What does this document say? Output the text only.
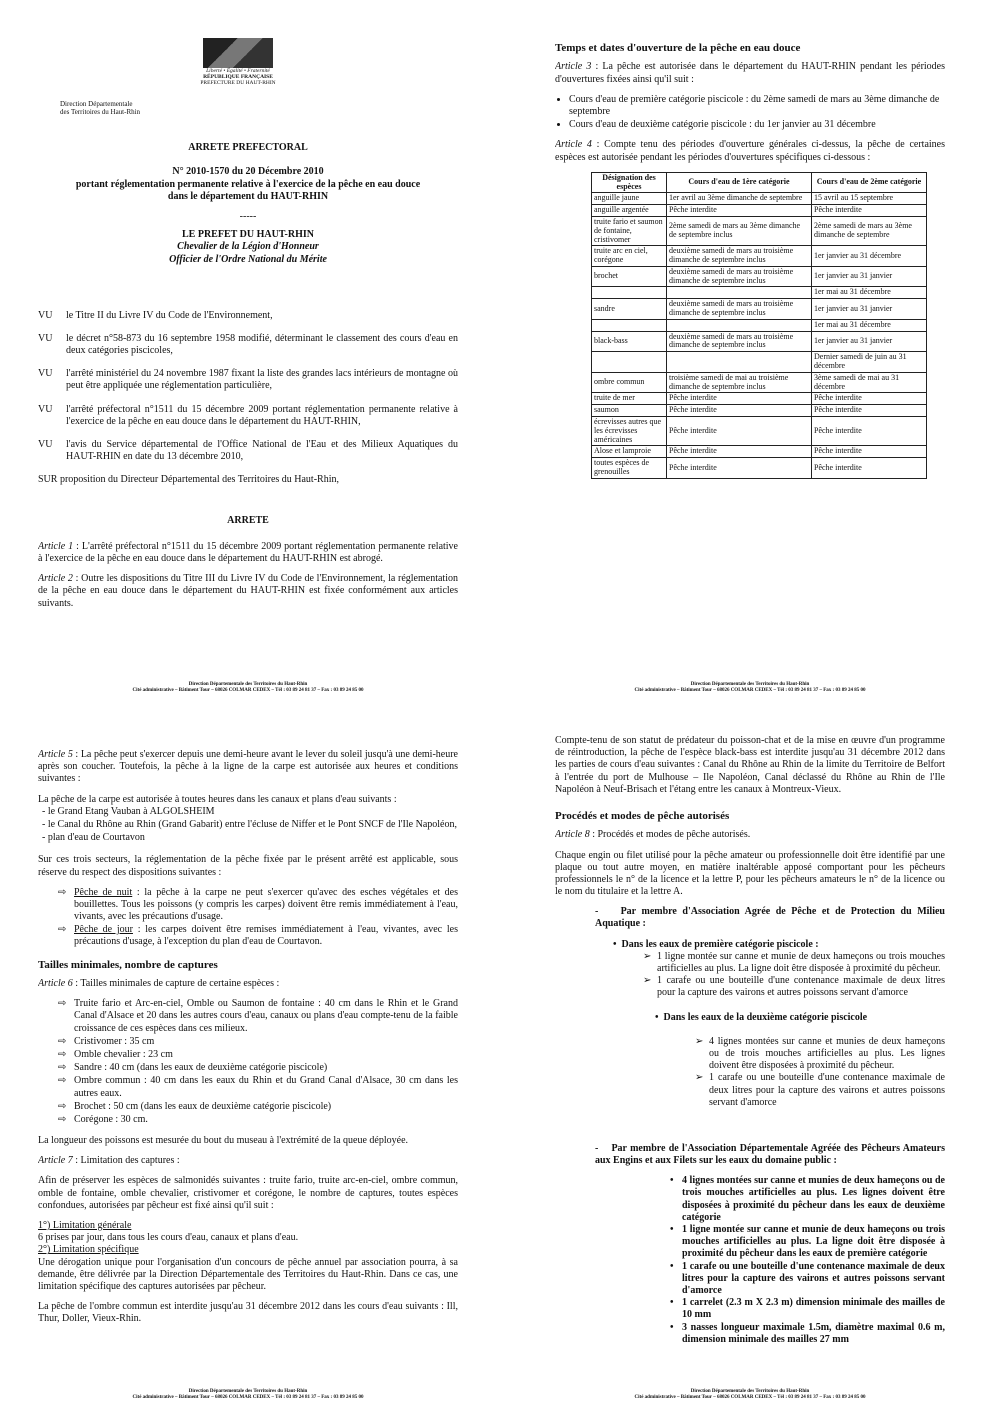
Liberté • Égalité • Fraternité
RÉPUBLIQUE FRANÇAISE
PREFECTURE DU HAUT-RHIN
Direction Départementale
des Territoires du Haut-Rhin
ARRETE PREFECTORAL
N° 2010-1570 du 20 Décembre 2010
portant réglementation permanente relative à l'exercice de la pêche en eau douce
dans le département du HAUT-RHIN
-----
LE PREFET DU HAUT-RHIN
Chevalier de la Légion d'Honneur
Officier de l'Ordre National du Mérite
VU	le Titre II du Livre IV du Code de l'Environnement,
VU	le décret n°58-873 du 16 septembre 1958 modifié, déterminant le classement des cours d'eau en deux catégories piscicoles,
VU	l'arrêté ministériel du 24 novembre 1987 fixant la liste des grandes lacs intérieurs de montagne où peut être appliquée une réglementation particulière,
VU	l'arrêté préfectoral n°1511 du 15 décembre 2009 portant réglementation permanente relative à l'exercice de la pêche en eau douce dans le département du HAUT-RHIN,
VU	l'avis du Service départemental de l'Office National de l'Eau et des Milieux Aquatiques du HAUT-RHIN en date du 13 décembre 2010,

SUR proposition du Directeur Départemental des Territoires du Haut-Rhin,

ARRETE

Article 1 : L'arrêté préfectoral n°1511 du 15 décembre 2009 portant réglementation permanente relative à l'exercice de la pêche en eau douce dans le département du HAUT-RHIN est abrogé.

Article 2 : Outre les dispositions du Titre III du Livre IV du Code de l'Environnement, la réglementation de la pêche en eau douce dans le département du HAUT-RHIN est fixée conformément aux articles suivants.

Direction Départementale des Territoires du Haut-Rhin
Cité administrative – Bâtiment Tour – 68026 COLMAR CEDEX – Tél : 03 89 24 81 37 – Fax : 03 89 24 85 00
Temps et dates d'ouverture de la pêche en eau douce

Article 3 : La pêche est autorisée dans le département du HAUT-RHIN pendant les périodes d'ouvertures fixées ainsi qu'il suit :

• Cours d'eau de première catégorie piscicole : du 2ème samedi de mars au 3ème dimanche de septembre
• Cours d'eau de deuxième catégorie piscicole : du 1er janvier au 31 décembre

Article 4 : Compte tenu des périodes d'ouverture générales ci-dessus, la pêche de certaines espèces est autorisée pendant les périodes d'ouvertures spécifiques ci-dessous :

Désignation des espèces	Cours d'eau de 1ère catégorie	Cours d'eau de 2ème catégorie
anguille jaune	1er avril au 3ème dimanche de septembre	15 avril au 15 septembre
anguille argentée	Pêche interdite	Pêche interdite
truite fario et saumon de fontaine, cristivomer	2ème samedi de mars au 3ème dimanche de septembre inclus	2ème samedi de mars au 3ème dimanche de septembre
truite arc en ciel, corégone	deuxième samedi de mars au troisième dimanche de septembre inclus	1er janvier au 31 décembre
brochet	deuxième samedi de mars au troisième dimanche de septembre inclus	1er janvier au 31 janvier
		1er mai au 31 décembre
sandre	deuxième samedi de mars au troisième dimanche de septembre inclus	1er janvier au 31 janvier
		1er mai au 31 décembre
black-bass	deuxième samedi de mars au troisième dimanche de septembre inclus	1er janvier au 31 janvier
		Dernier samedi de juin au 31 décembre
ombre commun	troisième samedi de mai au troisième dimanche de septembre inclus	3ème samedi de mai au 31 décembre
truite de mer	Pêche interdite	Pêche interdite
saumon	Pêche interdite	Pêche interdite
écrevisses autres que les écrevisses américaines	Pêche interdite	Pêche interdite
Alose et lamproie	Pêche interdite	Pêche interdite
toutes espèces de grenouilles	Pêche interdite	Pêche interdite
Direction Départementale des Territoires du Haut-Rhin
Cité administrative – Bâtiment Tour – 68026 COLMAR CEDEX – Tél : 03 89 24 81 37 – Fax : 03 89 24 85 00

Article 5 : La pêche peut s'exercer depuis une demi-heure avant le lever du soleil jusqu'à une demi-heure après son coucher. Toutefois, la pêche à la ligne de la carpe est autorisée aux heures et conditions suivantes :

La pêche de la carpe est autorisée à toutes heures dans les canaux et plans d'eau suivants :
- le Grand Etang Vauban à ALGOLSHEIM
- le Canal du Rhône au Rhin (Grand Gabarit) entre l'écluse de Niffer et le Pont SNCF de l'Ile Napoléon,
- plan d'eau de Courtavon

Sur ces trois secteurs, la réglementation de la pêche fixée par le présent arrêté est applicable, sous réserve du respect des dispositions suivantes :

⇨ Pêche de nuit : la pêche à la carpe ne peut s'exercer qu'avec des esches végétales et des bouillettes. Tous les poissons (y compris les carpes) doivent être remis immédiatement à l'eau, vivants, avec les précautions d'usage.
⇨ Pêche de jour : les carpes doivent être remises immédiatement à l'eau, vivantes, avec les précautions d'usage, à l'exception du plan d'eau de Courtavon.
Tailles minimales, nombre de captures

Article 6 : Tailles minimales de capture de certaine espèces :

⇨ Truite fario et Arc-en-ciel, Omble ou Saumon de fontaine : 40 cm dans le Rhin et le Grand Canal d'Alsace et 20 dans les autres cours d'eau, canaux ou plans d'eau compte-tenu de la faible croissance de ces espèces dans ces milieux.
⇨ Cristivomer : 35 cm
⇨ Omble chevalier : 23 cm
⇨ Sandre : 40 cm (dans les eaux de deuxième catégorie piscicole)
⇨ Ombre commun : 40 cm dans les eaux du Rhin et du Grand Canal d'Alsace, 30 cm dans les autres eaux.
⇨ Brochet : 50 cm (dans les eaux de deuxième catégorie piscicole)
⇨ Corégone : 30 cm.

La longueur des poissons est mesurée du bout du museau à l'extrémité de la queue déployée.

Article 7 : Limitation des captures :

Afin de préserver les espèces de salmonidés suivantes : truite fario, truite arc-en-ciel, ombre commun, omble de fontaine, omble chevalier, cristivomer et corégone, le nombre de captures, toutes espèces confondues, autorisées par pêcheur est fixé ainsi qu'il suit :

1°) Limitation générale
6 prises par jour, dans tous les cours d'eau, canaux et plans d'eau.
2°) Limitation spécifique

Une dérogation unique pour l'organisation d'un concours de pêche annuel par association pourra, à sa demande, être délivrée par la Direction Départementale des Territoires du Haut-Rhin. Dans ce cas, une limitation spécifique des captures autorisées par pêcheur.

La pêche de l'ombre commun est interdite jusqu'au 31 décembre 2012 dans les cours d'eau suivants : Ill, Thur, Doller, Vieux-Rhin.

Direction Départementale des Territoires du Haut-Rhin
Cité administrative – Bâtiment Tour – 68026 COLMAR CEDEX – Tél : 03 89 24 81 37 – Fax : 03 89 24 85 00

Compte-tenu de son statut de prédateur du poisson-chat et de la mise en œuvre d'un programme de réintroduction, la pêche de l'espèce black-bass est interdite jusqu'au 31 décembre 2012 dans les parties de cours d'eau suivantes : Canal du Rhône au Rhin de la limite du Territoire de Belfort à l'entrée du port de Mulhouse – Ile Napoléon, Canal déclassé du Rhône au Rhin de l'Ile Napoléon à Neuf-Brisach et l'étang entre les canaux à Montreux-Vieux.

Procédés et modes de pêche autorisés

Article 8 : Procédés et modes de pêche autorisés.

Chaque engin ou filet utilisé pour la pêche amateur ou professionnelle doit être identifié par une plaque ou tout autre moyen, en matière inaltérable apposé comportant pour les pêcheurs professionnels le n° de la licence et la lettre P, pour les pêcheurs amateurs le n° de la licence ou le nom du titulaire et la lettre A.

- Par membre d'Association Agrée de Pêche et de Protection du Milieu Aquatique :

• Dans les eaux de première catégorie piscicole :
➢ 1 ligne montée sur canne et munie de deux hameçons ou trois mouches artificielles au plus. La ligne doit être disposée à proximité du pêcheur.
➢ 1 carafe ou une bouteille d'une contenance maximale de deux litres pour la capture des vairons et autres poissons servant d'amorce
• Dans les eaux de la deuxième catégorie piscicole
➢ 4 lignes montées sur canne et munies de deux hameçons ou de trois mouches artificielles au plus. Les lignes doivent être disposées à proximité du pêcheur.
➢ 1 carafe ou une bouteille d'une contenance maximale de deux litres pour la capture des vairons et autres poissons servant d'amorce

- Par membre de l'Association Départementale Agréée des Pêcheurs Amateurs aux Engins et aux Filets sur les eaux du domaine public :

• 4 lignes montées sur canne et munies de deux hameçons ou de trois mouches artificielles au plus. Les lignes doivent être disposées à proximité du pêcheur dans les eaux de deuxième catégorie
• 1 ligne montée sur canne et munie de deux hameçons ou trois mouches artificielles au plus. La ligne doit être disposée à proximité du pêcheur dans les eaux de première catégorie
• 1 carafe ou une bouteille d'une contenance maximale de deux litres pour la capture des vairons et autres poissons servant d'amorce
• 1 carrelet (2.3 m X 2.3 m) dimension minimale des mailles de 10 mm
• 3 nasses longueur maximale 1.5m, diamètre maximal 0.6 m, dimension minimale des mailles 27 mm
Direction Départementale des Territoires du Haut-Rhin
Cité administrative – Bâtiment Tour – 68026 COLMAR CEDEX – Tél : 03 89 24 81 37 – Fax : 03 89 24 85 00
